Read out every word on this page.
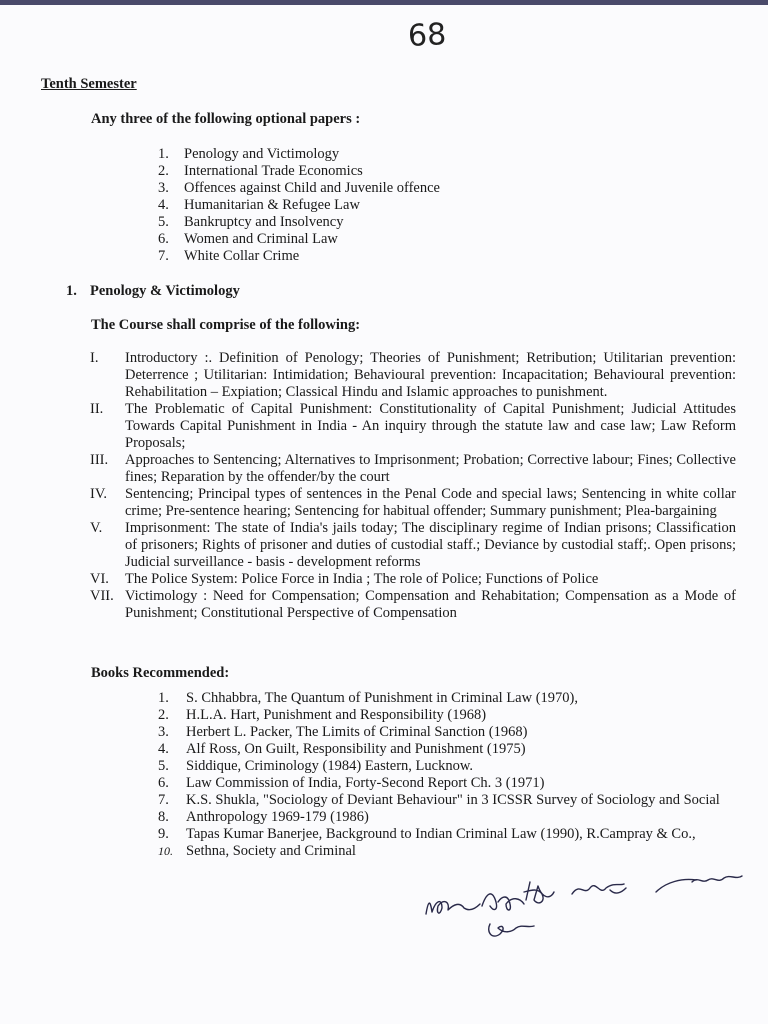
68
Tenth Semester
Any three of the following optional papers :
1.	Penology and Victimology
2.	International Trade Economics
3.	Offences against Child and Juvenile offence
4.	Humanitarian & Refugee Law
5.	Bankruptcy and Insolvency
6.	Women and Criminal Law
7.	White Collar Crime
1. Penology & Victimology
The Course shall comprise of the following:
I.	Introductory :. Definition of Penology; Theories of Punishment; Retribution; Utilitarian prevention: Deterrence ; Utilitarian: Intimidation; Behavioural prevention: Incapacitation; Behavioural prevention: Rehabilitation – Expiation; Classical Hindu and Islamic approaches to punishment.
II.	The Problematic of Capital Punishment: Constitutionality of Capital Punishment; Judicial Attitudes Towards Capital Punishment in India - An inquiry through the statute law and case law; Law Reform Proposals;
III.	Approaches to Sentencing; Alternatives to Imprisonment; Probation; Corrective labour; Fines; Collective fines; Reparation by the offender/by the court
IV.	Sentencing; Principal types of sentences in the Penal Code and special laws; Sentencing in white collar crime; Pre-sentence hearing; Sentencing for habitual offender; Summary punishment; Plea-bargaining
V.	Imprisonment: The state of India's jails today; The disciplinary regime of Indian prisons; Classification of prisoners; Rights of prisoner and duties of custodial staff.; Deviance by custodial staff;. Open prisons; Judicial surveillance - basis - development reforms
VI.	The Police System: Police Force in India ; The role of Police; Functions of Police
VII. Victimology : Need for Compensation; Compensation and Rehabitation; Compensation as a Mode of Punishment; Constitutional Perspective of Compensation
Books Recommended:
1.	S. Chhabbra, The Quantum of Punishment in Criminal Law (1970),
2.	H.L.A. Hart, Punishment and Responsibility (1968)
3.	Herbert L. Packer, The Limits of Criminal Sanction (1968)
4.	Alf Ross, On Guilt, Responsibility and Punishment (1975)
5.	Siddique, Criminology (1984) Eastern, Lucknow.
6.	Law Commission of India, Forty-Second Report Ch. 3 (1971)
7.	K.S. Shukla, "Sociology of Deviant Behaviour" in 3 ICSSR Survey of Sociology and Social
8.	Anthropology 1969-179 (1986)
9.	Tapas Kumar Banerjee, Background to Indian Criminal Law (1990), R.Campray & Co.,
10. Sethna, Society and Criminal
